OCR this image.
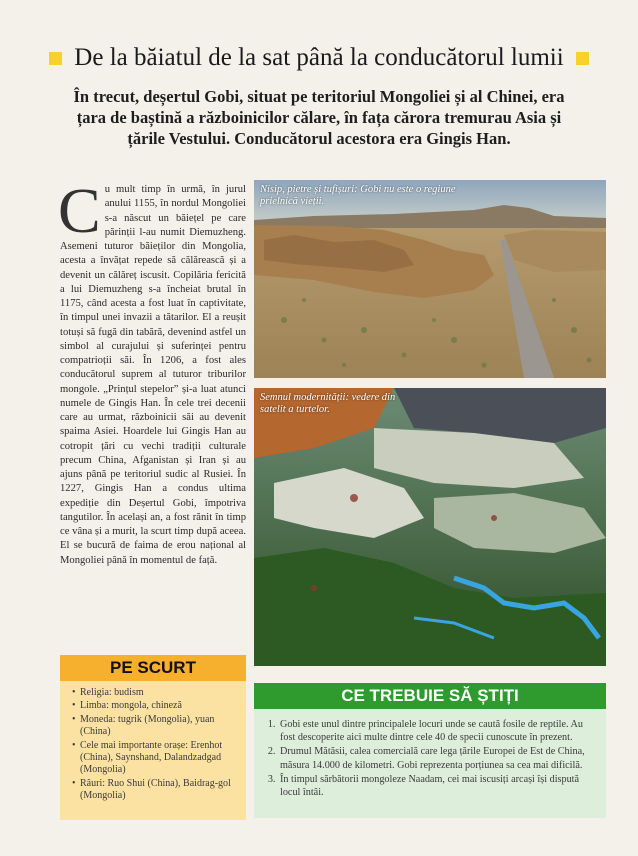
De la băiatul de la sat până la conducătorul lumii

În trecut, deșertul Gobi, situat pe teritoriul Mongoliei și al Chinei, era țara de baștină a războinicilor călare, în fața cărora tremurau Asia și țările Vestului. Conducătorul acestora era Gingis Han.

Cu mult timp în urmă, în jurul anului 1155, în nordul Mongoliei s-a născut un băiețel pe care părinții l-au numit Diemuzheng. Asemeni tuturor băieților din Mongolia, acesta a învățat repede să călărească și a devenit un călăreț iscusit. Copilăria fericită a lui Diemuzheng s-a încheiat brutal în 1175, când acesta a fost luat în captivitate, în timpul unei invazii a tătarilor. El a reușit totuși să fugă din tabără, devenind astfel un simbol al curajului și suferinței pentru compatrioții săi. În 1206, a fost ales conducătorul suprem al tuturor triburilor mongole. „Prințul stepelor” și-a luat atunci numele de Gingis Han. În cele trei decenii care au urmat, războinicii săi au devenit spaima Asiei. Hoardele lui Gingis Han au cotropit țări cu vechi tradiții culturale precum China, Afganistan și Iran și au ajuns până pe teritoriul sudic al Rusiei. În 1227, Gingis Han a condus ultima expediție din Deșertul Gobi, împotriva tangutilor. În același an, a fost rănit în timp ce vâna și a murit, la scurt timp după aceea. El se bucură de faima de erou național al Mongoliei până în momentul de față.
Nisip, pietre și tufișuri: Gobi nu este o regiune prielnică vieții.
Semnul modernității: vedere din satelit a turtelor.
PE SCURT
• Religia: budism
• Limba: mongola, chineză
• Moneda: tugrik (Mongolia), yuan (China)
• Cele mai importante orașe: Erenhot (China), Saynshand, Dalandzadgad (Mongolia)
• Râuri: Ruo Shui (China), Baidrag-gol (Mongolia)
CE TREBUIE SĂ ȘTIȚI
1. Gobi este unul dintre principalele locuri unde se caută fosile de reptile. Au fost descoperite aici multe dintre cele 40 de specii cunoscute în prezent.
2. Drumul Mătăsii, calea comercială care lega țările Europei de Est de China, măsura 14.000 de kilometri. Gobi reprezenta porțiunea sa cea mai dificilă.
3. În timpul sărbătorii mongoleze Naadam, cei mai iscusiți arcași își dispută locul întâi.
